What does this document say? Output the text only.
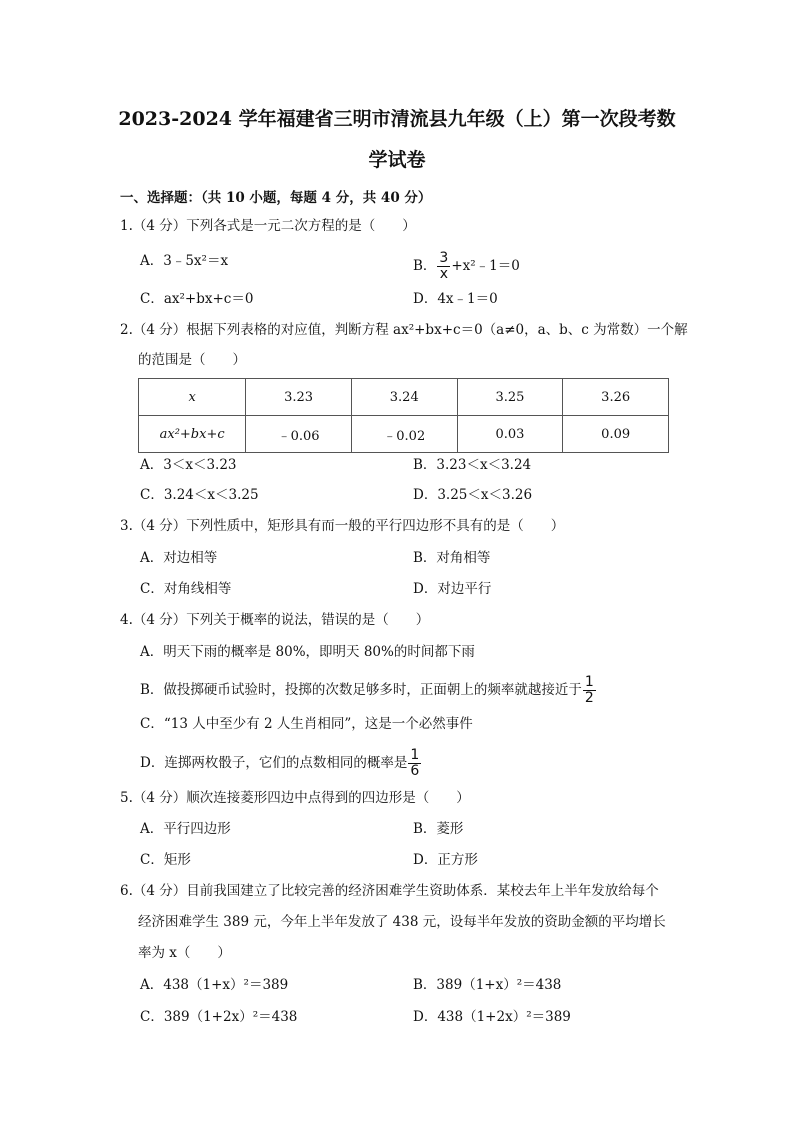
2023-2024 学年福建省三明市清流县九年级（上）第一次段考数
学试卷
一、选择题：（共 10 小题，每题 4 分，共 40 分）
1.（4 分）下列各式是一元二次方程的是（　　）
A．3﹣5x²＝x	B． $\frac{3}{x}$ +x²﹣1＝0
C．ax²+bx+c＝0	D．4x﹣1＝0
2.（4 分）根据下列表格的对应值，判断方程 ax²+bx+c＝0（a≠0，a、b、c 为常数）一个解
的范围是（　　）
x	3.23	3.24	3.25	3.26
ax²+bx+c	﹣0.06	﹣0.02	0.03	0.09
A．3＜x＜3.23	B．3.23＜x＜3.24
C．3.24＜x＜3.25	D．3.25＜x＜3.26
3.（4 分）下列性质中，矩形具有而一般的平行四边形不具有的是（　　）
A．对边相等	B．对角相等
C．对角线相等	D．对边平行
4.（4 分）下列关于概率的说法，错误的是（　　）
A．明天下雨的概率是 80%，即明天 80%的时间都下雨
B．做投掷硬币试验时，投掷的次数足够多时，正面朝上的频率就越接近于 $\frac{1}{2}$
C．“13 人中至少有 2 人生肖相同”，这是一个必然事件
D．连掷两枚骰子，它们的点数相同的概率是 $\frac{1}{6}$
5.（4 分）顺次连接菱形四边中点得到的四边形是（　　）
A．平行四边形	B．菱形
C．矩形	D．正方形
6.（4 分）目前我国建立了比较完善的经济困难学生资助体系．某校去年上半年发放给每个
经济困难学生 389 元，今年上半年发放了 438 元，设每半年发放的资助金额的平均增长
率为 x（　　）
A．438（1+x）²＝389	B．389（1+x）²＝438
C．389（1+2x）²＝438	D．438（1+2x）²＝389
